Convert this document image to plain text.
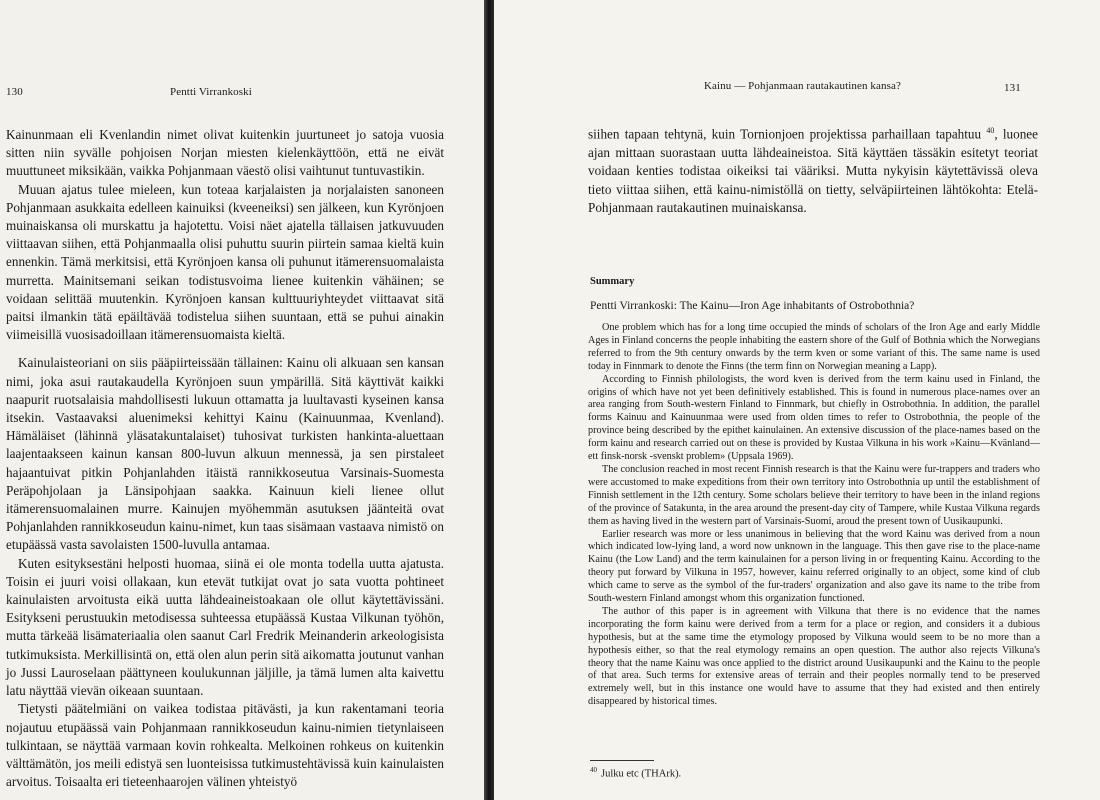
130	Pentti Virrankoski

Kainunmaan eli Kvenlandin nimet olivat kuitenkin juurtuneet jo satoja vuosia sitten niin syvälle pohjoisen Norjan miesten kielenkäyttöön, että ne eivät muuttuneet miksikään, vaikka Pohjanmaan väestö olisi vaihtunut tuntuvastikin.

Muuan ajatus tulee mieleen, kun toteaa karjalaisten ja norjalaisten sanoneen Pohjanmaan asukkaita edelleen kainuiksi (kveeneiksi) sen jälkeen, kun Kyrönjoen muinaiskansa oli murskattu ja hajotettu. Voisi näet ajatella tällaisen jatkuvuuden viittaavan siihen, että Pohjanmaalla olisi puhuttu suurin piirtein samaa kieltä kuin ennenkin. Tämä merkitsisi, että Kyrönjoen kansa oli puhunut itämerensuomalaista murretta. Mainitsemani seikan todistusvoima lienee kuitenkin vähäinen; se voidaan selittää muutenkin. Kyrönjoen kansan kulttuuriyhteydet viittaavat sitä paitsi ilmankin tätä epäiltävää todistelua siihen suuntaan, että se puhui ainakin viimeisillä vuosisadoillaan itämerensuomaista kieltä.

Kainulaisteoriani on siis pääpiirteissään tällainen: Kainu oli alkuaan sen kansan nimi, joka asui rautakaudella Kyrönjoen suun ympärillä. Sitä käyttivät kaikki naapurit ruotsalaisia mahdollisesti lukuun ottamatta ja luultavasti kyseinen kansa itsekin. Vastaavaksi aluenimeksi kehittyi Kainu (Kainuunmaa, Kvenland). Hämäläiset (lähinnä yläsatakuntalaiset) tuhosivat turkisten hankinta-aluettaan laajentaakseen kainun kansan 800-luvun alkuun mennessä, ja sen pirstaleet hajaantuivat pitkin Pohjanlahden itäistä rannikkoseutua Varsinais-Suomesta Peräpohjolaan ja Länsipohjaan saakka. Kainuun kieli lienee ollut itämerensuomalainen murre. Kainujen myöhemmän asutuksen jäänteitä ovat Pohjanlahden rannikkoseudun kainu-nimet, kun taas sisämaan vastaava nimistö on etupäässä vasta savolaisten 1500-luvulla antamaa.

Kuten esityksestäni helposti huomaa, siinä ei ole monta todella uutta ajatusta. Toisin ei juuri voisi ollakaan, kun etevät tutkijat ovat jo sata vuotta pohtineet kainulaisten arvoitusta eikä uutta lähdeaineistoakaan ole ollut käytettävissäni. Esitykseni perustuukin metodisessa suhteessa etupäässä Kustaa Vilkunan työhön, mutta tärkeää lisämateriaalia olen saanut Carl Fredrik Meinanderin arkeologisista tutkimuksista. Merkillisintä on, että olen alun perin sitä aikomatta joutunut vanhan jo Jussi Lauroselaan päättyneen koulukunnan jäljille, ja tämä lumen alta kaivettu latu näyttää vievän oikeaan suuntaan.

Tietysti päätelmiäni on vaikea todistaa pitävästi, ja kun rakentamani teoria nojautuu etupäässä vain Pohjanmaan rannikkoseudun kainu-nimien tietynlaiseen tulkintaan, se näyttää varmaan kovin rohkealta. Melkoinen rohkeus on kuitenkin välttämätön, jos meili edistyä sen luonteisissa tutkimustehtävissä kuin kainulaisten arvoitus. Toisaalta eri tieteenhaarojen välinen yhteistyö

Kainu — Pohjanmaan rautakautinen kansa?	131
siihen tapaan tehtynä, kuin Tornionjoen projektissa parhaillaan tapahtuu $^{40}$, luonee ajan mittaan suorastaan uutta lähdeaineistoa. Sitä käyttäen tässäkin esitetyt teoriat voidaan kenties todistaa oikeiksi tai vääriksi. Mutta nykyisin käytettävissä oleva tieto viittaa siihen, että kainu-nimistöllä on tietty, selväpiirteinen lähtökohta: Etelä-Pohjanmaan rautakautinen muinaiskansa.
Summary
Pentti Virrankoski: The Kainu—Iron Age inhabitants of Ostrobothnia?

One problem which has for a long time occupied the minds of scholars of the Iron Age and early Middle Ages in Finland concerns the people inhabiting the eastern shore of the Gulf of Bothnia which the Norwegians referred to from the 9th century onwards by the term kven or some variant of this. The same name is used today in Finnmark to denote the Finns (the term finn on Norwegian meaning a Lapp).

According to Finnish philologists, the word kven is derived from the term kainu used in Finland, the origins of which have not yet been definitively established. This is found in numerous place-names over an area ranging from South-western Finland to Finnmark, but chiefly in Ostrobothnia. In addition, the parallel forms Kainuu and Kainuunmaa were used from olden times to refer to Ostrobothnia, the people of the province being described by the epithet kainulainen. An extensive discussion of the place-names based on the form kainu and research carried out on these is provided by Kustaa Vilkuna in his work »Kainu—Kvänland—ett finsk-norsk -svenskt problem» (Uppsala 1969).

The conclusion reached in most recent Finnish research is that the Kainu were fur-trappers and traders who were accustomed to make expeditions from their own territory into Ostrobothnia up until the establishment of Finnish settlement in the 12th century. Some scholars believe their territory to have been in the inland regions of the province of Satakunta, in the area around the present-day city of Tampere, while Kustaa Vilkuna regards them as having lived in the western part of Varsinais-Suomi, aroud the present town of Uusikaupunki.

Earlier research was more or less unanimous in believing that the word Kainu was derived from a noun which indicated low-lying land, a word now unknown in the language. This then gave rise to the place-name Kainu (the Low Land) and the term kainulainen for a person living in or frequenting Kainu. According to the theory put forward by Vilkuna in 1957, however, kainu referred originally to an object, some kind of club which came to serve as the symbol of the fur-traders' organization and also gave its name to the tribe from South-western Finland amongst whom this organization functioned.

The author of this paper is in agreement with Vilkuna that there is no evidence that the names incorporating the form kainu were derived from a term for a place or region, and considers it a dubious hypothesis, but at the same time the etymology proposed by Vilkuna would seem to be no more than a hypothesis either, so that the real etymology remains an open question. The author also rejects Vilkuna's theory that the name Kainu was once applied to the district around Uusikaupunki and the Kainu to the people of that area. Such terms for extensive areas of terrain and their peoples normally tend to be preserved extremely well, but in this instance one would have to assume that they had existed and then entirely disappeared by historical times.

$^{40}$ Julku etc (THArk).
